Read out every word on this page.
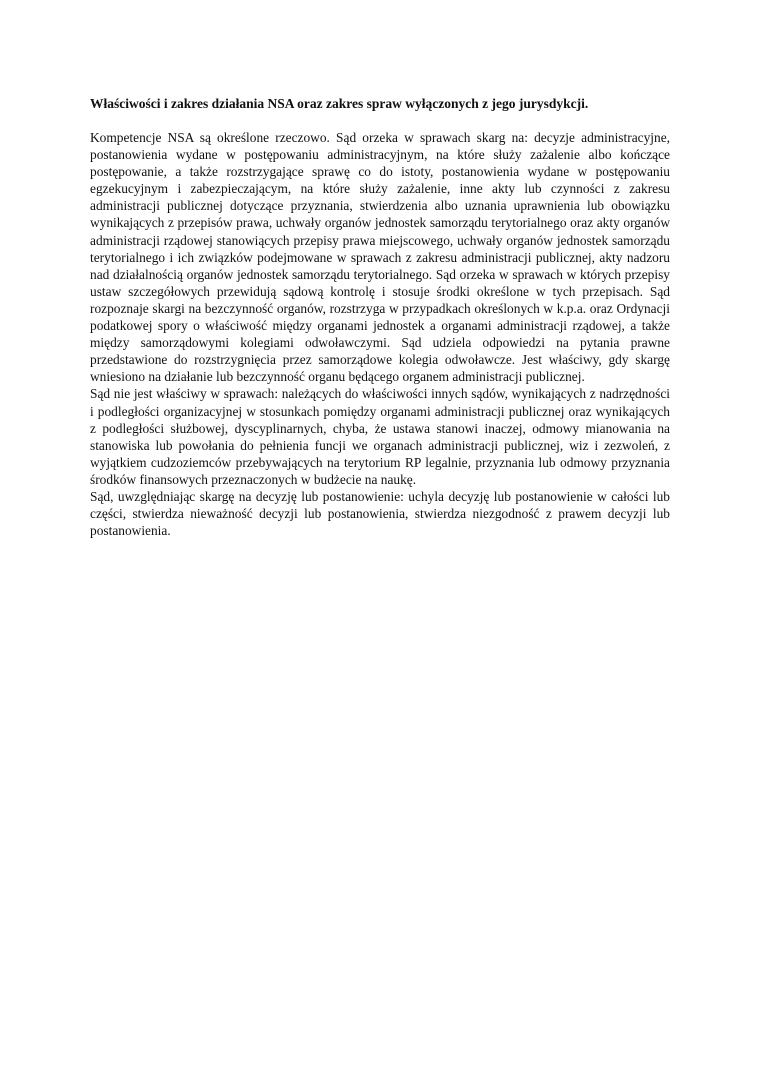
Właściwości i zakres działania NSA oraz zakres spraw wyłączonych z jego jurysdykcji.

Kompetencje NSA są określone rzeczowo. Sąd orzeka w sprawach skarg na: decyzje administracyjne, postanowienia wydane w postępowaniu administracyjnym, na które służy zażalenie albo kończące postępowanie, a także rozstrzygające sprawę co do istoty, postanowienia wydane w postępowaniu egzekucyjnym i zabezpieczającym, na które służy zażalenie, inne akty lub czynności z zakresu administracji publicznej dotyczące przyznania, stwierdzenia albo uznania uprawnienia lub obowiązku wynikających z przepisów prawa, uchwały organów jednostek samorządu terytorialnego oraz akty organów administracji rządowej stanowiących przepisy prawa miejscowego, uchwały organów jednostek samorządu terytorialnego i ich związków podejmowane w sprawach z zakresu administracji publicznej, akty nadzoru nad działalnością organów jednostek samorządu terytorialnego. Sąd orzeka w sprawach w których przepisy ustaw szczegółowych przewidują sądową kontrolę i stosuje środki określone w tych przepisach. Sąd rozpoznaje skargi na bezczynność organów, rozstrzyga w przypadkach określonych w k.p.a. oraz Ordynacji podatkowej spory o właściwość między organami jednostek a organami administracji rządowej, a także między samorządowymi kolegiami odwoławczymi. Sąd udziela odpowiedzi na pytania prawne przedstawione do rozstrzygnięcia przez samorządowe kolegia odwoławcze. Jest właściwy, gdy skargę wniesiono na działanie lub bezczynność organu będącego organem administracji publicznej.

Sąd nie jest właściwy w sprawach: należących do właściwości innych sądów, wynikających z nadrzędności i podległości organizacyjnej w stosunkach pomiędzy organami administracji publicznej oraz wynikających z podległości służbowej, dyscyplinarnych, chyba, że ustawa stanowi inaczej, odmowy mianowania na stanowiska lub powołania do pełnienia funcji we organach administracji publicznej, wiz i zezwoleń, z wyjątkiem cudzoziemców przebywających na terytorium RP legalnie, przyznania lub odmowy przyznania środków finansowych przeznaczonych w budżecie na naukę.

Sąd, uwzględniając skargę na decyzję lub postanowienie: uchyla decyzję lub postanowienie w całości lub części, stwierdza nieważność decyzji lub postanowienia, stwierdza niezgodność z prawem decyzji lub postanowienia.
